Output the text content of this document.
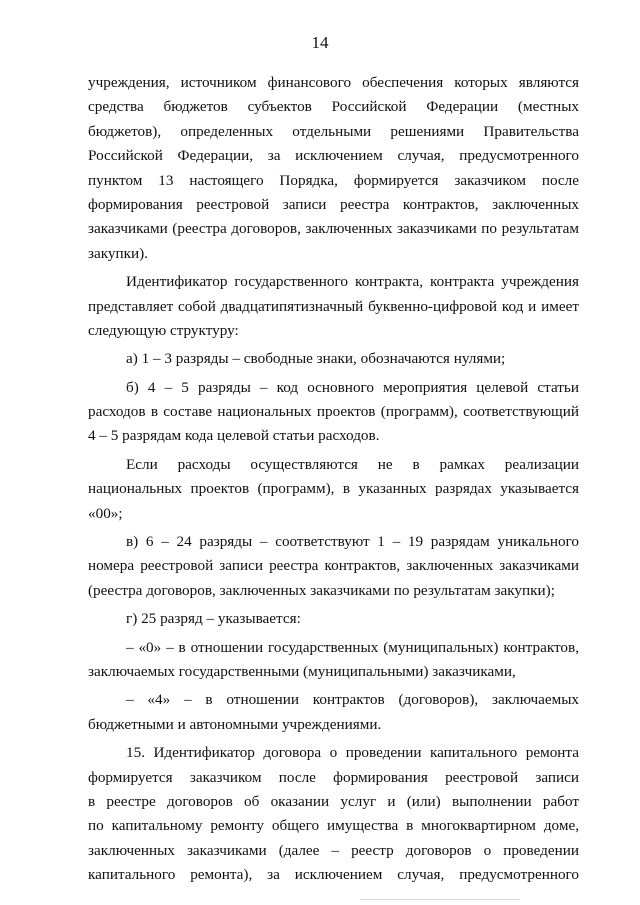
14
учреждения, источником финансового обеспечения которых являются
средства бюджетов субъектов Российской Федерации (местных
бюджетов), определенных отдельными решениями Правительства
Российской Федерации, за исключением случая, предусмотренного
пунктом 13 настоящего Порядка, формируется заказчиком после
формирования реестровой записи реестра контрактов, заключенных
заказчиками (реестра договоров, заключенных заказчиками по результатам
закупки).
Идентификатор государственного контракта, контракта учреждения
представляет собой двадцатипятизначный буквенно-цифровой код и имеет
следующую структуру:
а) 1 – 3 разряды – свободные знаки, обозначаются нулями;
б) 4 – 5 разряды – код основного мероприятия целевой статьи
расходов в составе национальных проектов (программ), соответствующий
4 – 5 разрядам кода целевой статьи расходов.
Если расходы осуществляются не в рамках реализации
национальных проектов (программ), в указанных разрядах указывается
«00»;
в) 6 – 24 разряды – соответствуют 1 – 19 разрядам уникального
номера реестровой записи реестра контрактов, заключенных заказчиками
(реестра договоров, заключенных заказчиками по результатам закупки);
г) 25 разряд – указывается:
– «0» – в отношении государственных (муниципальных) контрактов,
заключаемых государственными (муниципальными) заказчиками,
– «4» – в отношении контрактов (договоров), заключаемых
бюджетными и автономными учреждениями.
15. Идентификатор договора о проведении капитального ремонта
формируется заказчиком после формирования реестровой записи
в реестре договоров об оказании услуг и (или) выполнении работ
по капитальному ремонту общего имущества в многоквартирном доме,
заключенных заказчиками (далее – реестр договоров о проведении
капитального ремонта), за исключением случая, предусмотренного
